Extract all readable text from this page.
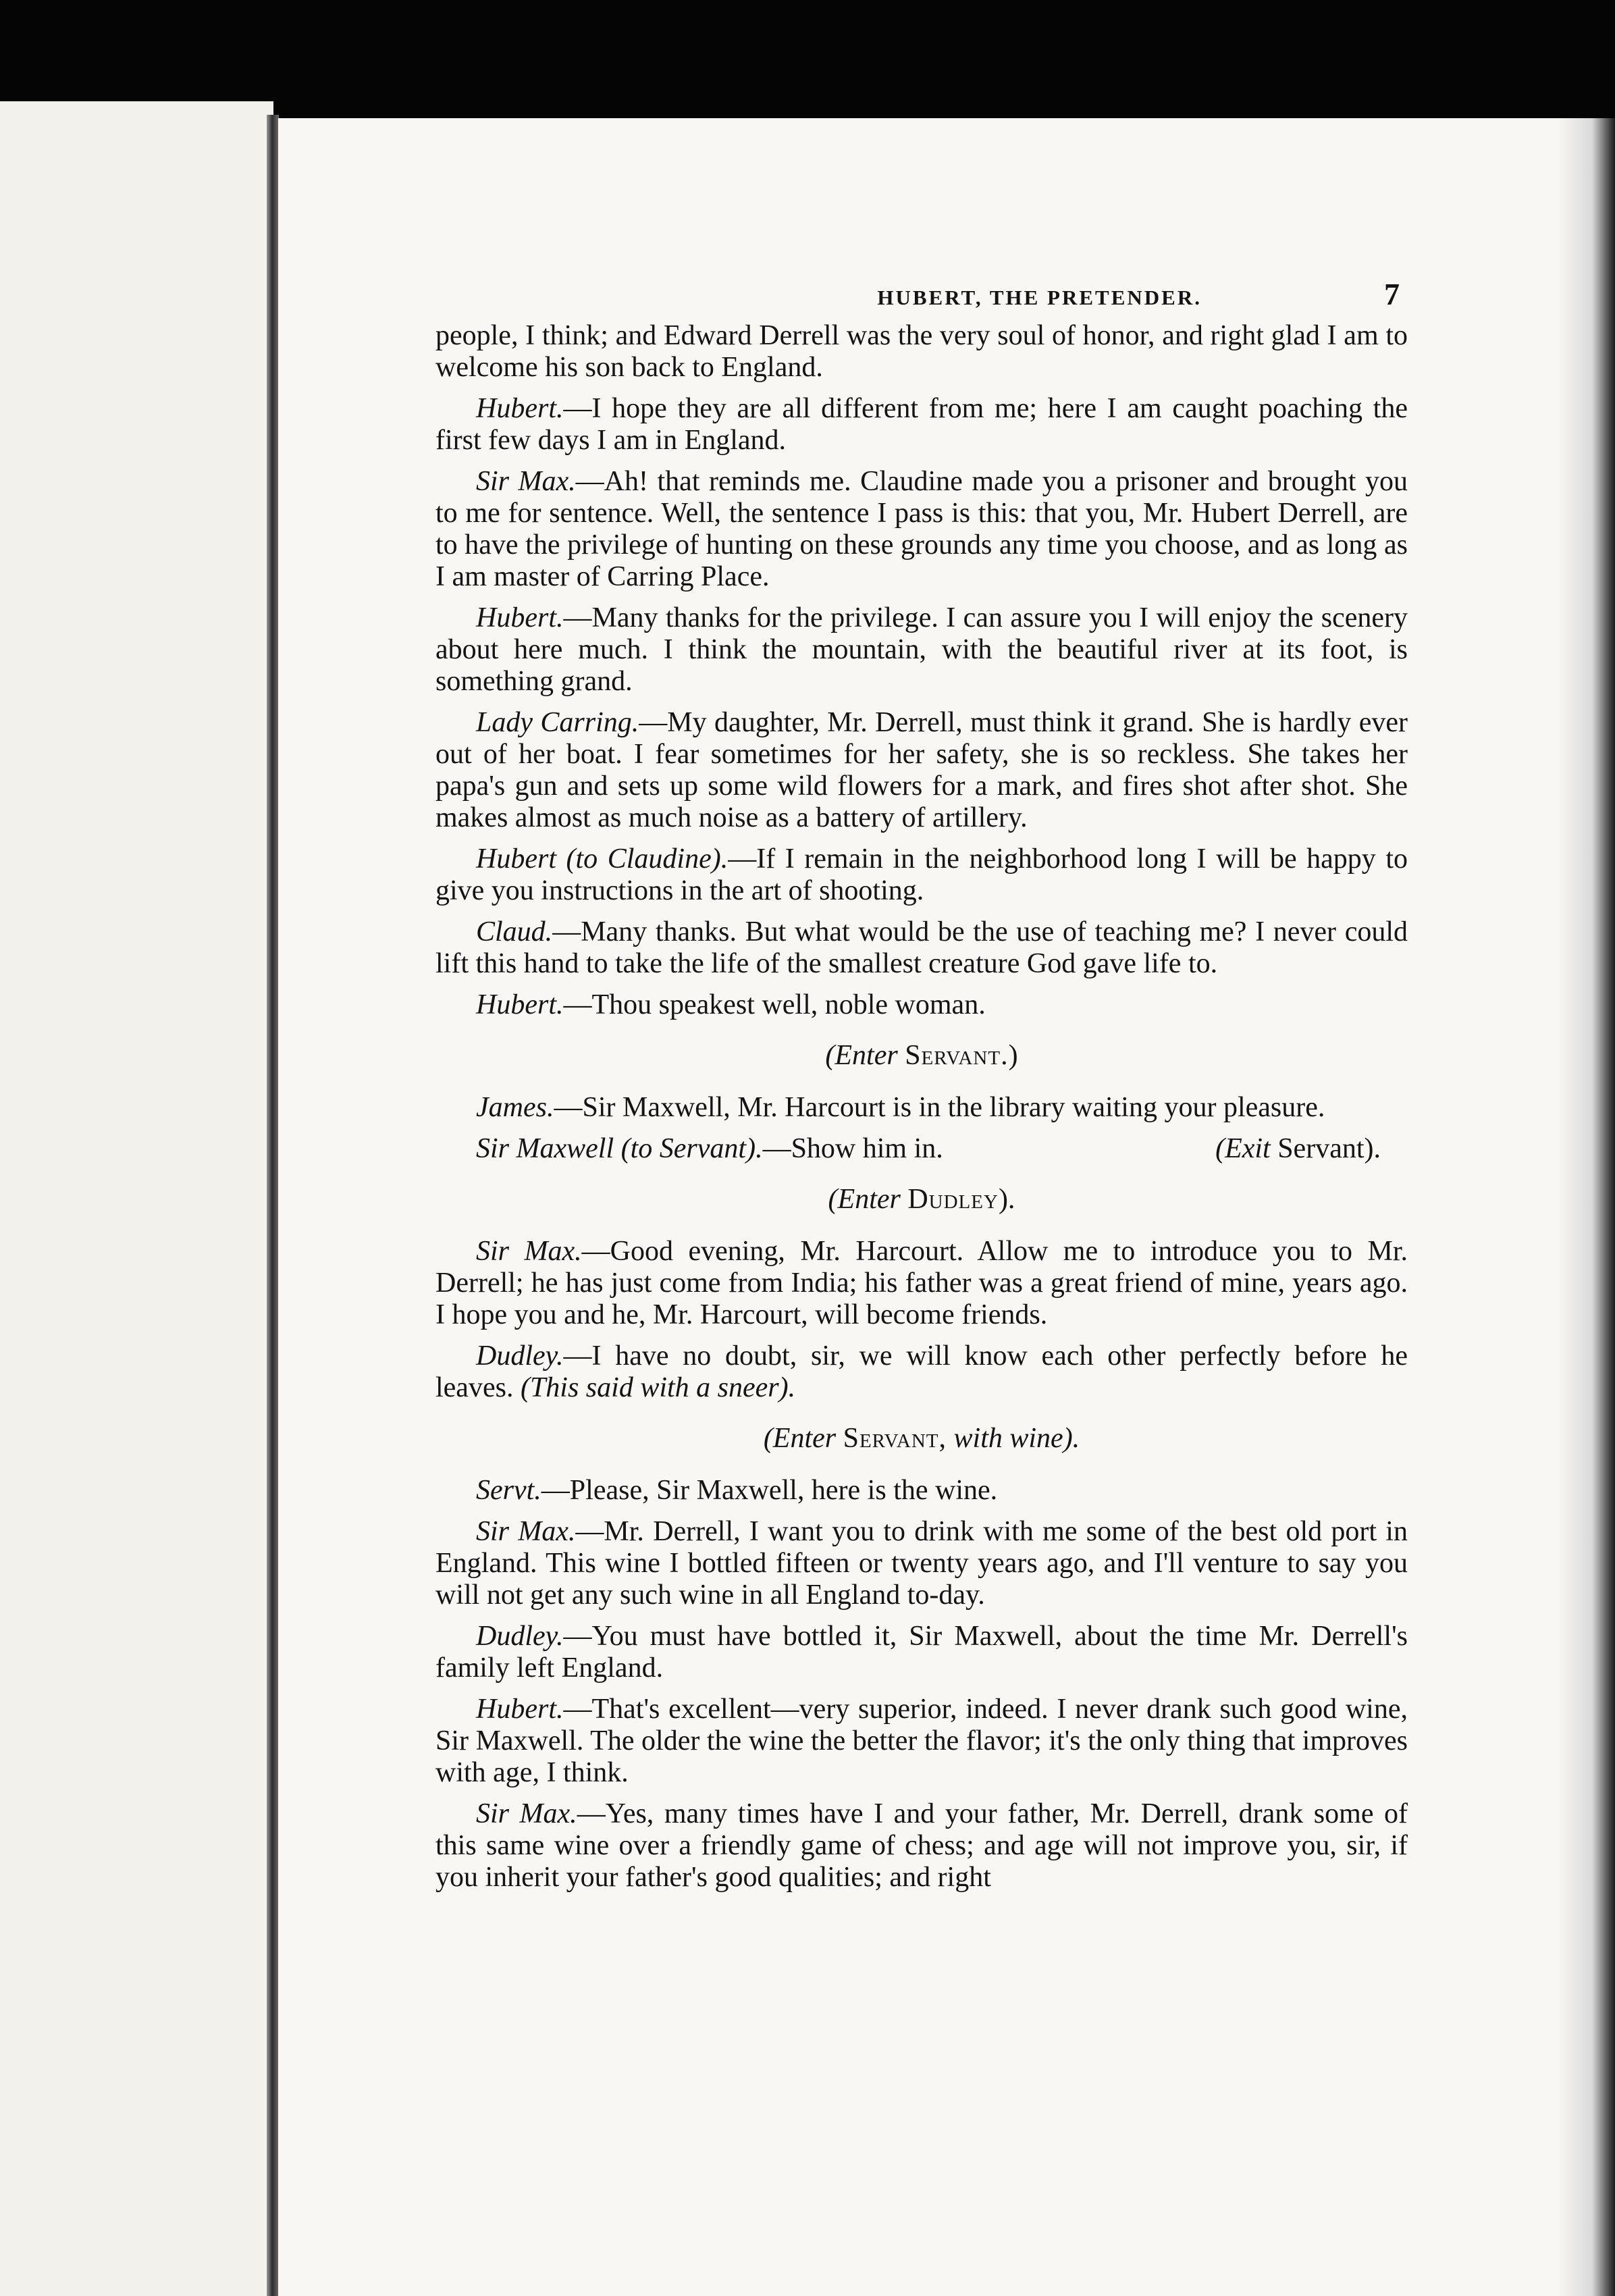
HUBERT, THE PRETENDER.	7

people, I think; and Edward Derrell was the very soul of honor, and right glad I am to welcome his son back to England.

Hubert.—I hope they are all different from me; here I am caught poaching the first few days I am in England.

Sir Max.—Ah! that reminds me. Claudine made you a prisoner and brought you to me for sentence. Well, the sentence I pass is this: that you, Mr. Hubert Derrell, are to have the privilege of hunting on these grounds any time you choose, and as long as I am master of Carring Place.

Hubert.—Many thanks for the privilege. I can assure you I will enjoy the scenery about here much. I think the mountain, with the beautiful river at its foot, is something grand.

Lady Carring.—My daughter, Mr. Derrell, must think it grand. She is hardly ever out of her boat. I fear sometimes for her safety, she is so reckless. She takes her papa's gun and sets up some wild flowers for a mark, and fires shot after shot. She makes almost as much noise as a battery of artillery.

Hubert (to Claudine).—If I remain in the neighborhood long I will be happy to give you instructions in the art of shooting.

Claud.—Many thanks. But what would be the use of teaching me? I never could lift this hand to take the life of the smallest creature God gave life to.

Hubert.—Thou speakest well, noble woman.

(Enter Servant.)

James.—Sir Maxwell, Mr. Harcourt is in the library waiting your pleasure.

Sir Maxwell (to Servant).—Show him in.	(Exit Servant).

(Enter Dudley).

Sir Max.—Good evening, Mr. Harcourt. Allow me to introduce you to Mr. Derrell; he has just come from India; his father was a great friend of mine, years ago. I hope you and he, Mr. Harcourt, will become friends.

Dudley.—I have no doubt, sir, we will know each other perfectly before he leaves. (This said with a sneer).

(Enter Servant, with wine).

Servt.—Please, Sir Maxwell, here is the wine.

Sir Max.—Mr. Derrell, I want you to drink with me some of the best old port in England. This wine I bottled fifteen or twenty years ago, and I'll venture to say you will not get any such wine in all England to-day.

Dudley.—You must have bottled it, Sir Maxwell, about the time Mr. Derrell's family left England.

Hubert.—That's excellent—very superior, indeed. I never drank such good wine, Sir Maxwell. The older the wine the better the flavor; it's the only thing that improves with age, I think.

Sir Max.—Yes, many times have I and your father, Mr. Derrell, drank some of this same wine over a friendly game of chess; and age will not improve you, sir, if you inherit your father's good qualities; and right
